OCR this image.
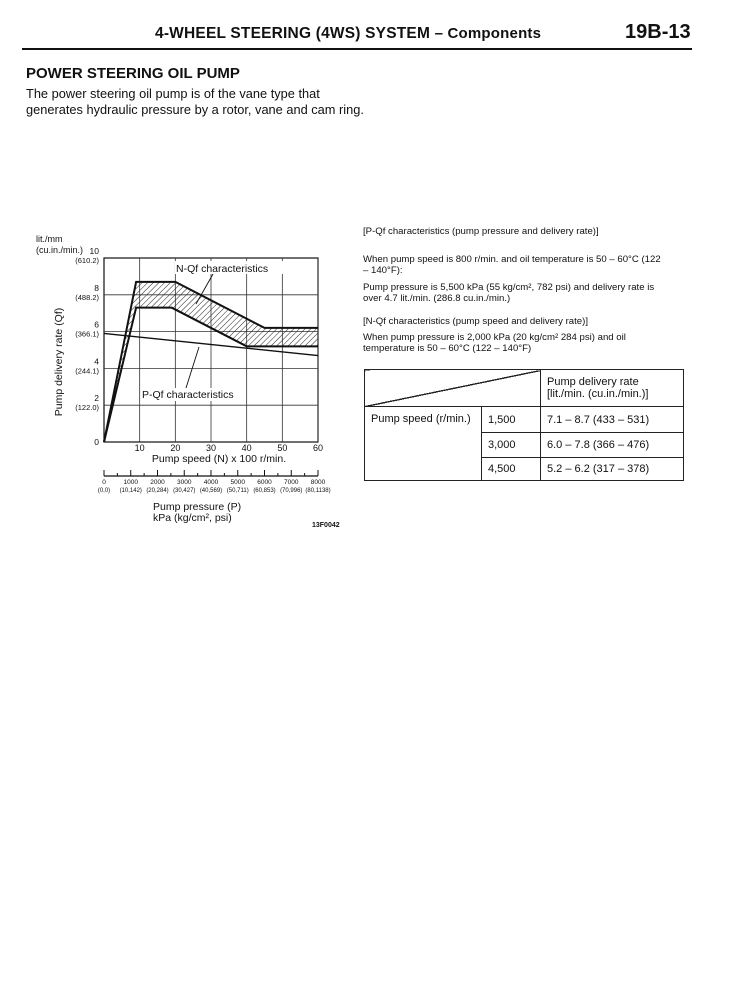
4-WHEEL STEERING (4WS) SYSTEM – Components	19B-13
POWER STEERING OIL PUMP
The power steering oil pump is of the vane type that generates hydraulic pressure by a rotor, vane and cam ring.
N-Qf characteristics
P-Qf characteristics
lit./mm
(cu.in./min.) 10
(610.2)
8
(488.2)
6
(366.1)
4
(244.1)
2
(122.0)
0
Pump delivery rate (Qf)
10	20	30	40	50	60
Pump speed (N) x 100 r/min.
0
(0,0)
1000
(10,142)
2000
(20,284)
3000
(30,427)
4000
(40,569)
5000
(50,711)
6000
(60,853)
7000
(70,996)
8000
(80,1138)
Pump pressure (P)
kPa (kg/cm², psi)
13F0042
[P-Qf characteristics (pump pressure and delivery rate)]
When pump speed is 800 r/min. and oil temperature is 50 – 60°C (122 – 140°F):
Pump pressure is 5,500 kPa (55 kg/cm², 782 psi) and delivery rate is over 4.7 lit./min. (286.8 cu.in./min.)
[N-Qf characteristics (pump speed and delivery rate)]
When pump pressure is 2,000 kPa (20 kg/cm² 284 psi) and oil temperature is 50 – 60°C (122 – 140°F)
		Pump delivery rate [lit./min. (cu.in./min.)]
Pump speed (r/min.)	1,500	7.1 – 8.7 (433 – 531)
	3,000	6.0 – 7.8 (366 – 476)
	4,500	5.2 – 6.2 (317 – 378)
